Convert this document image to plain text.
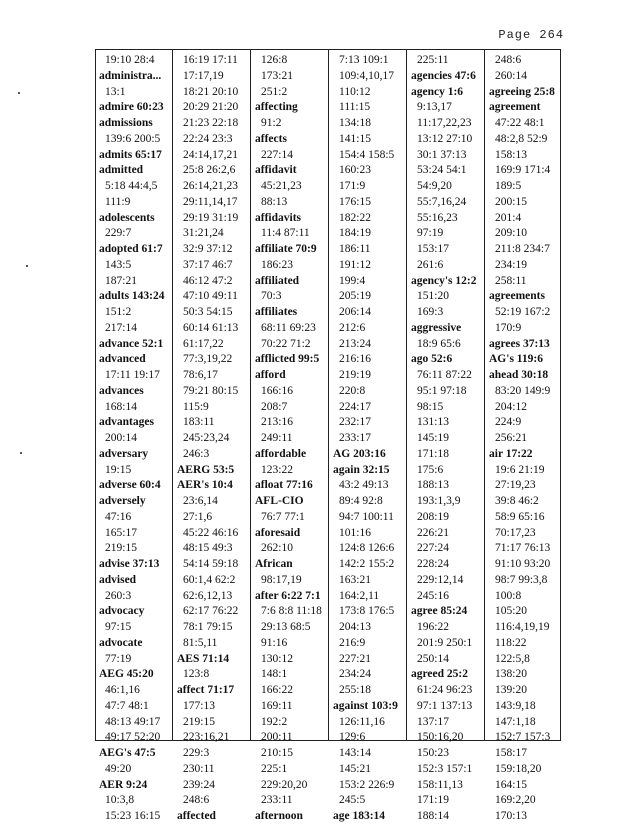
Page 264
19:10 28:4
administra...
13:1
admire 60:23
admissions
139:6 200:5
admits 65:17
admitted
5:18 44:4,5
111:9
adolescents
229:7
adopted 61:7
143:5
187:21
adults 143:24
151:2
217:14
advance 52:1
advanced
17:11 19:17
advances
168:14
advantages
200:14
adversary
19:15
adverse 60:4
adversely
47:16
165:17
219:15
advise 37:13
advised
260:3
advocacy
97:15
advocate
77:19
AEG 45:20
46:1,16
47:7 48:1
48:13 49:17
49:17 52:20
AEG's 47:5
49:20
AER 9:24
10:3,8
15:23 16:15
16:19 17:11
17:17,19
18:21 20:10
20:29 21:20
21:23 22:18
22:24 23:3
24:14,17,21
25:8 26:2,6
26:14,21,23
29:11,14,17
29:19 31:19
31:21,24
32:9 37:12
37:17 46:7
46:12 47:2
47:10 49:11
50:3 54:15
60:14 61:13
61:17,22
77:3,19,22
78:6,17
79:21 80:15
115:9
183:11
245:23,24
246:3
AERG 53:5
AER's 10:4
23:6,14
27:1,6
45:22 46:16
48:15 49:3
54:14 59:18
60:1,4 62:2
62:6,12,13
62:17 76:22
78:1 79:15
81:5,11
AES 71:14
123:8
affect 71:17
177:13
219:15
223:16,21
229:3
230:11
239:24
248:6
affected
126:8
173:21
251:2
affecting
91:2
affects
227:14
affidavit
45:21,23
88:13
affidavits
11:4 87:11
affiliate 70:9
186:23
affiliated
70:3
affiliates
68:11 69:23
70:22 71:2
afflicted 99:5
afford
166:16
208:7
213:16
249:11
affordable
123:22
afloat 77:16
AFL-CIO
76:7 77:1
aforesaid
262:10
African
98:17,19
after 6:22 7:1
7:6 8:8 11:18
29:13 68:5
91:16
130:12
148:1
166:22
169:11
192:2
200:11
210:15
225:1
229:20,20
233:11
afternoon
7:13 109:1
109:4,10,17
110:12
111:15
134:18
141:15
154:4 158:5
160:23
171:9
176:15
182:22
184:19
186:11
191:12
199:4
205:19
206:14
212:6
213:24
216:16
219:19
220:8
224:17
232:17
233:17
AG 203:16
again 32:15
43:2 49:13
89:4 92:8
94:7 100:11
101:16
124:8 126:6
142:2 155:2
163:21
164:2,11
173:8 176:5
204:13
216:9
227:21
234:24
255:18
against 103:9
126:11,16
129:6
143:14
145:21
153:2 226:9
245:5
age 183:14
225:11
agencies 47:6
agency 1:6
9:13,17
11:17,22,23
13:12 27:10
30:1 37:13
53:24 54:1
54:9,20
55:7,16,24
55:16,23
97:19
153:17
261:6
agency's 12:2
151:20
169:3
aggressive
18:9 65:6
ago 52:6
76:11 87:22
95:1 97:18
98:15
131:13
145:19
171:18
175:6
188:13
193:1,3,9
208:19
226:21
227:24
228:24
229:12,14
245:16
agree 85:24
196:22
201:9 250:1
250:14
agreed 25:2
61:24 96:23
97:1 137:13
137:17
150:16,20
150:23
152:3 157:1
158:11,13
171:19
188:14
248:6
260:14
agreeing 25:8
agreement
47:22 48:1
48:2,8 52:9
158:13
169:9 171:4
189:5
200:15
201:4
209:10
211:8 234:7
234:19
258:11
agreements
52:19 167:2
170:9
agrees 37:13
AG's 119:6
ahead 30:18
83:20 149:9
204:12
224:9
256:21
air 17:22
19:6 21:19
27:19,23
39:8 46:2
58:9 65:16
70:17,23
71:17 76:13
91:10 93:20
98:7 99:3,8
100:8
105:20
116:4,19,19
118:22
122:5,8
138:20
139:20
143:9,18
147:1,18
152:7 157:3
158:17
159:18,20
164:15
169:2,20
170:13
